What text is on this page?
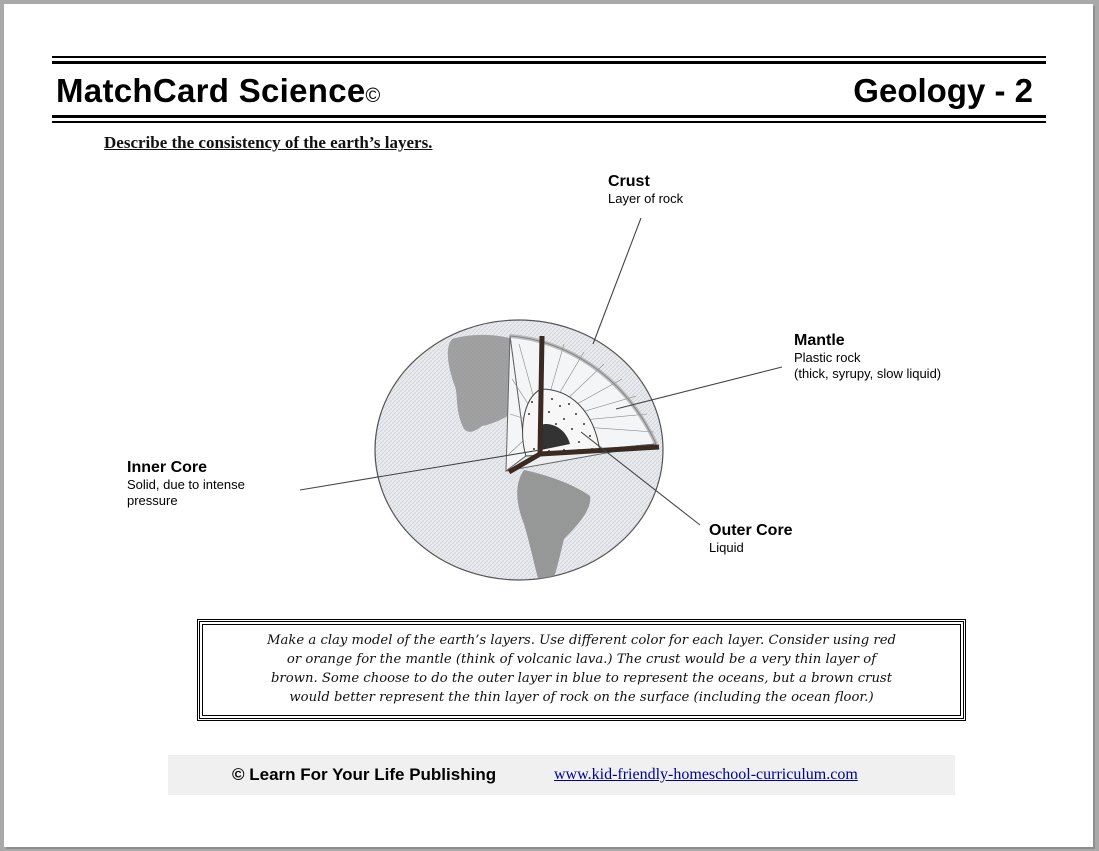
MatchCard Science©	Geology - 2
Describe the consistency of the earth’s layers.
Crust
Layer of rock
Mantle
Plastic rock
(thick, syrupy, slow liquid)
Inner Core
Solid, due to intense
pressure
Outer Core
Liquid
Make a clay model of the earth’s layers. Use different color for each layer. Consider using red
or orange for the mantle (think of volcanic lava.) The crust would be a very thin layer of
brown. Some choose to do the outer layer in blue to represent the oceans, but a brown crust
would better represent the thin layer of rock on the surface (including the ocean floor.)
© Learn For Your Life Publishing	www.kid-friendly-homeschool-curriculum.com
